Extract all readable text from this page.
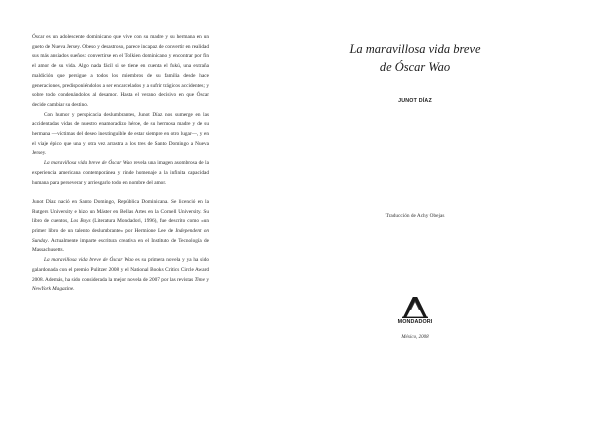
Óscar es un adolescente dominicano que vive con su madre y su hermana en un gueto de Nueva Jersey. Obeso y desastroso, parece incapaz de convertir en realidad sus más ansiados sueños: convertirse en el Tolkien dominicano y encontrar por fin el amor de su vida. Algo nada fácil si se tiene en cuenta el fukú, una extraña maldición que persigue a todos los miembros de su familia desde hace generaciones, predisponiéndolos a ser encarcelados y a sufrir trágicos accidentes; y sobre todo condenándolos al desamor. Hasta el verano decisivo en que Óscar decide cambiar su destino.

Con humor y perspicacia deslumbrantes, Junot Díaz nos sumerge en las accidentadas vidas de nuestro enamoradizo héroe, de su hermosa madre y de su hermana —víctimas del deseo inextinguible de estar siempre en otro lugar—, y en el viaje épico que una y otra vez arrastra a los tres de Santo Domingo a Nueva Jersey.

La maravillosa vida breve de Óscar Wao revela una imagen asombrosa de la experiencia americana contemporánea y rinde homenaje a la infinita capacidad humana para perseverar y arriesgarlo todo en nombre del amor.

Junot Díaz nació en Santo Domingo, República Dominicana. Se licenció en la Rutgers University e hizo un Máster en Bellas Artes en la Cornell University. Su libro de cuentos, Los Boys (Literatura Mondadori, 1996), fue descrito como «un primer libro de un talento deslumbrante» por Hermione Lee de Independent on Sunday. Actualmente imparte escritura creativa en el Instituto de Tecnología de Massachusetts.

La maravillosa vida breve de Óscar Wao es su primera novela y ya ha sido galardonada con el premio Pulitzer 2008 y el National Books Critics Circle Award 2008. Además, ha sido considerada la mejor novela de 2007 por las revistas Time y NewYork Magazine.

La maravillosa vida breve
de Óscar Wao
JUNOT DÍAZ
Traducción de Achy Obejas
MONDADORI
México, 2008
